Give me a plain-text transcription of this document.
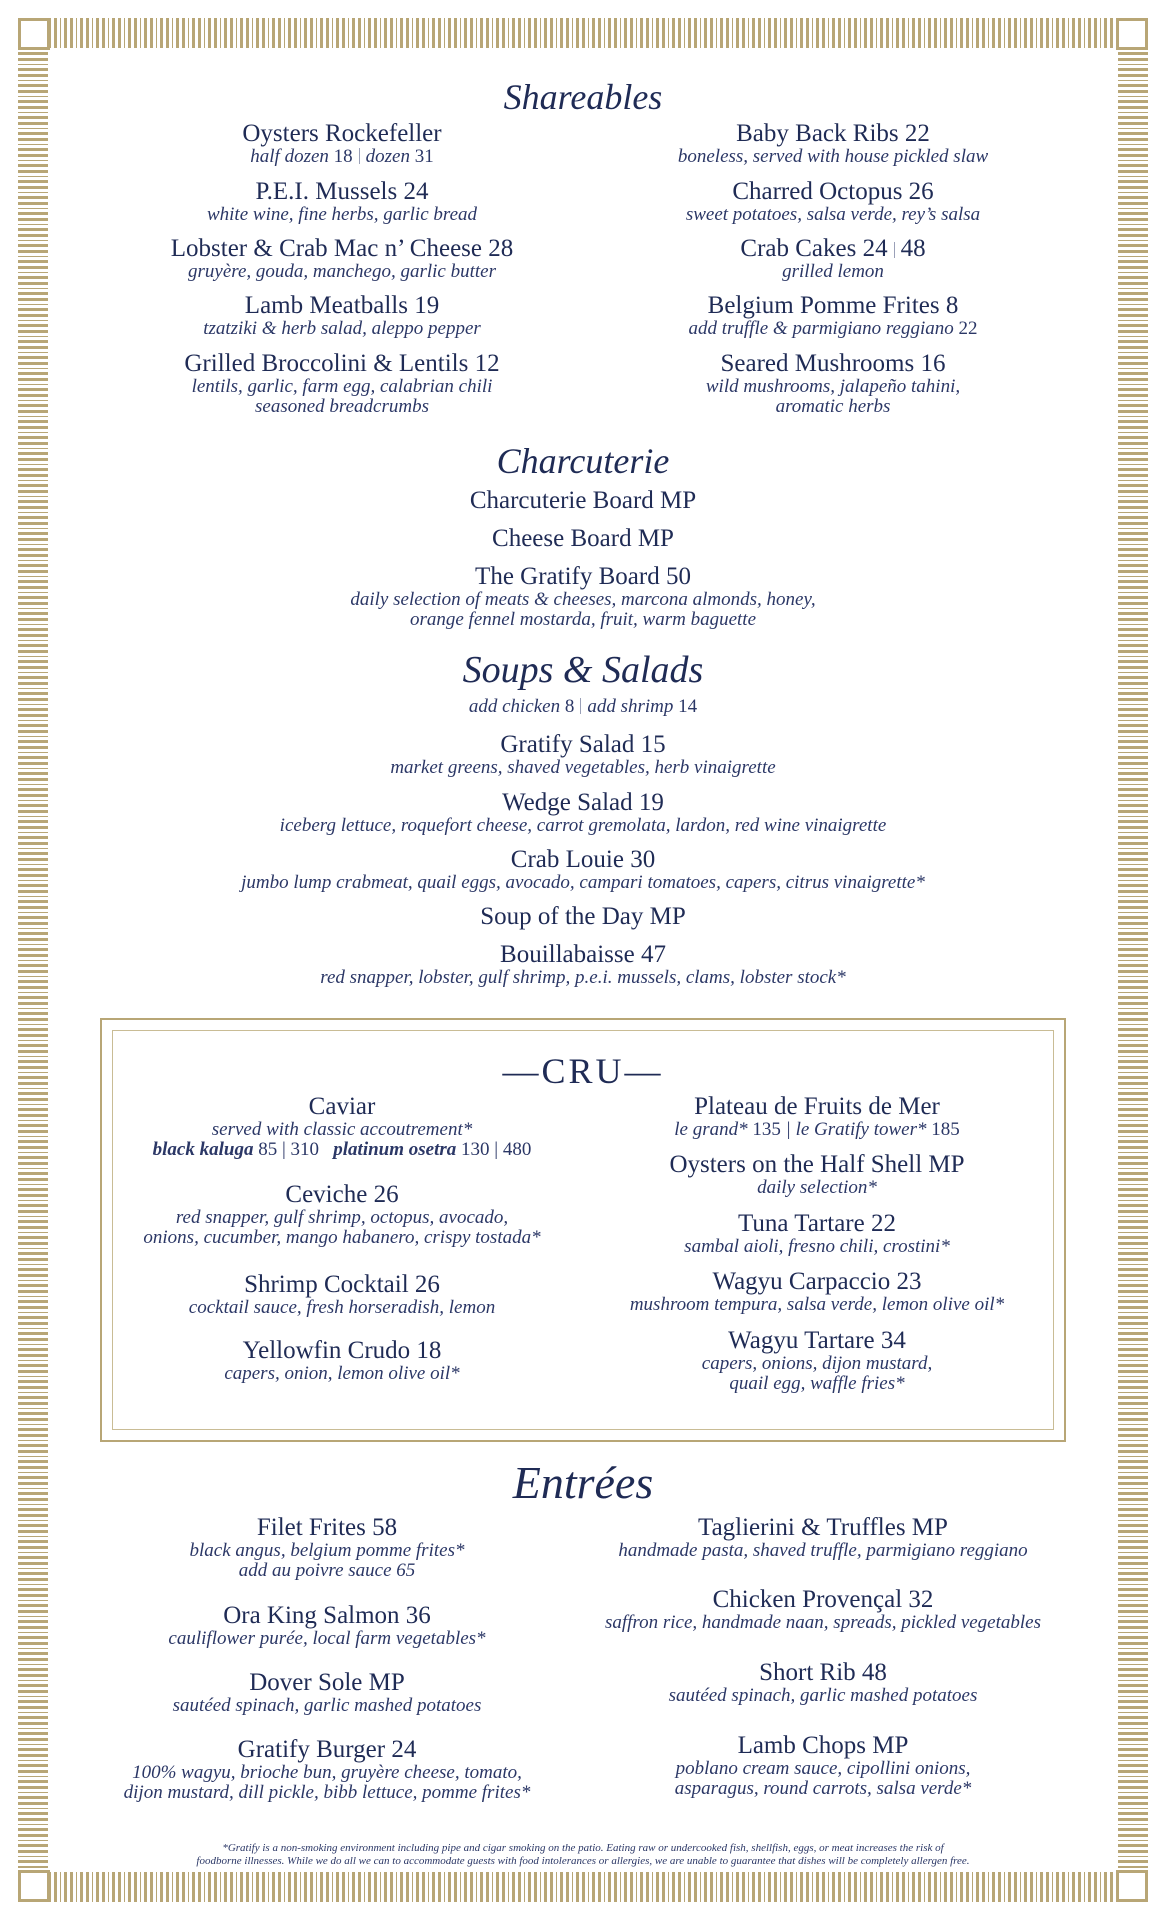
Shareables
Oysters Rockefeller
half dozen 18 dozen 31
P.E.I. Mussels 24
white wine, fine herbs, garlic bread
Lobster & Crab Mac n’ Cheese 28
gruyère, gouda, manchego, garlic butter
Lamb Meatballs 19
tzatziki & herb salad, aleppo pepper
Grilled Broccolini & Lentils 12
lentils, garlic, farm egg, calabrian chili
seasoned breadcrumbs
Baby Back Ribs 22
boneless, served with house pickled slaw
Charred Octopus 26
sweet potatoes, salsa verde, rey’s salsa
Crab Cakes 24 48
grilled lemon
Belgium Pomme Frites 8
add truffle & parmigiano reggiano 22
Seared Mushrooms 16
wild mushrooms, jalapeño tahini,
aromatic herbs
Charcuterie
Charcuterie Board MP
Cheese Board MP
The Gratify Board 50
daily selection of meats & cheeses, marcona almonds, honey,
orange fennel mostarda, fruit, warm baguette
Soups & Salads
add chicken 8 add shrimp 14
Gratify Salad 15
market greens, shaved vegetables, herb vinaigrette
Wedge Salad 19
iceberg lettuce, roquefort cheese, carrot gremolata, lardon, red wine vinaigrette
Crab Louie 30
jumbo lump crabmeat, quail eggs, avocado, campari tomatoes, capers, citrus vinaigrette*
Soup of the Day MP
Bouillabaisse 47
red snapper, lobster, gulf shrimp, p.e.i. mussels, clams, lobster stock*
—CRU—
Caviar
served with classic accoutrement*
black kaluga 85 | 310 platinum osetra 130 | 480
Ceviche 26
red snapper, gulf shrimp, octopus, avocado,
onions, cucumber, mango habanero, crispy tostada*
Shrimp Cocktail 26
cocktail sauce, fresh horseradish, lemon
Yellowfin Crudo 18
capers, onion, lemon olive oil*
Plateau de Fruits de Mer
le grand* 135 | le Gratify tower* 185
Oysters on the Half Shell MP
daily selection*
Tuna Tartare 22
sambal aioli, fresno chili, crostini*
Wagyu Carpaccio 23
mushroom tempura, salsa verde, lemon olive oil*
Wagyu Tartare 34
capers, onions, dijon mustard,
quail egg, waffle fries*
Entrées
Filet Frites 58
black angus, belgium pomme frites*
add au poivre sauce 65
Ora King Salmon 36
cauliflower purée, local farm vegetables*
Dover Sole MP
sautéed spinach, garlic mashed potatoes
Gratify Burger 24
100% wagyu, brioche bun, gruyère cheese, tomato,
dijon mustard, dill pickle, bibb lettuce, pomme frites*
Taglierini & Truffles MP
handmade pasta, shaved truffle, parmigiano reggiano
Chicken Provençal 32
saffron rice, handmade naan, spreads, pickled vegetables
Short Rib 48
sautéed spinach, garlic mashed potatoes
Lamb Chops MP
poblano cream sauce, cipollini onions,
asparagus, round carrots, salsa verde*
*Gratify is a non-smoking environment including pipe and cigar smoking on the patio. Eating raw or undercooked fish, shellfish, eggs, or meat increases the risk of
foodborne illnesses. While we do all we can to accommodate guests with food intolerances or allergies, we are unable to guarantee that dishes will be completely allergen free.
